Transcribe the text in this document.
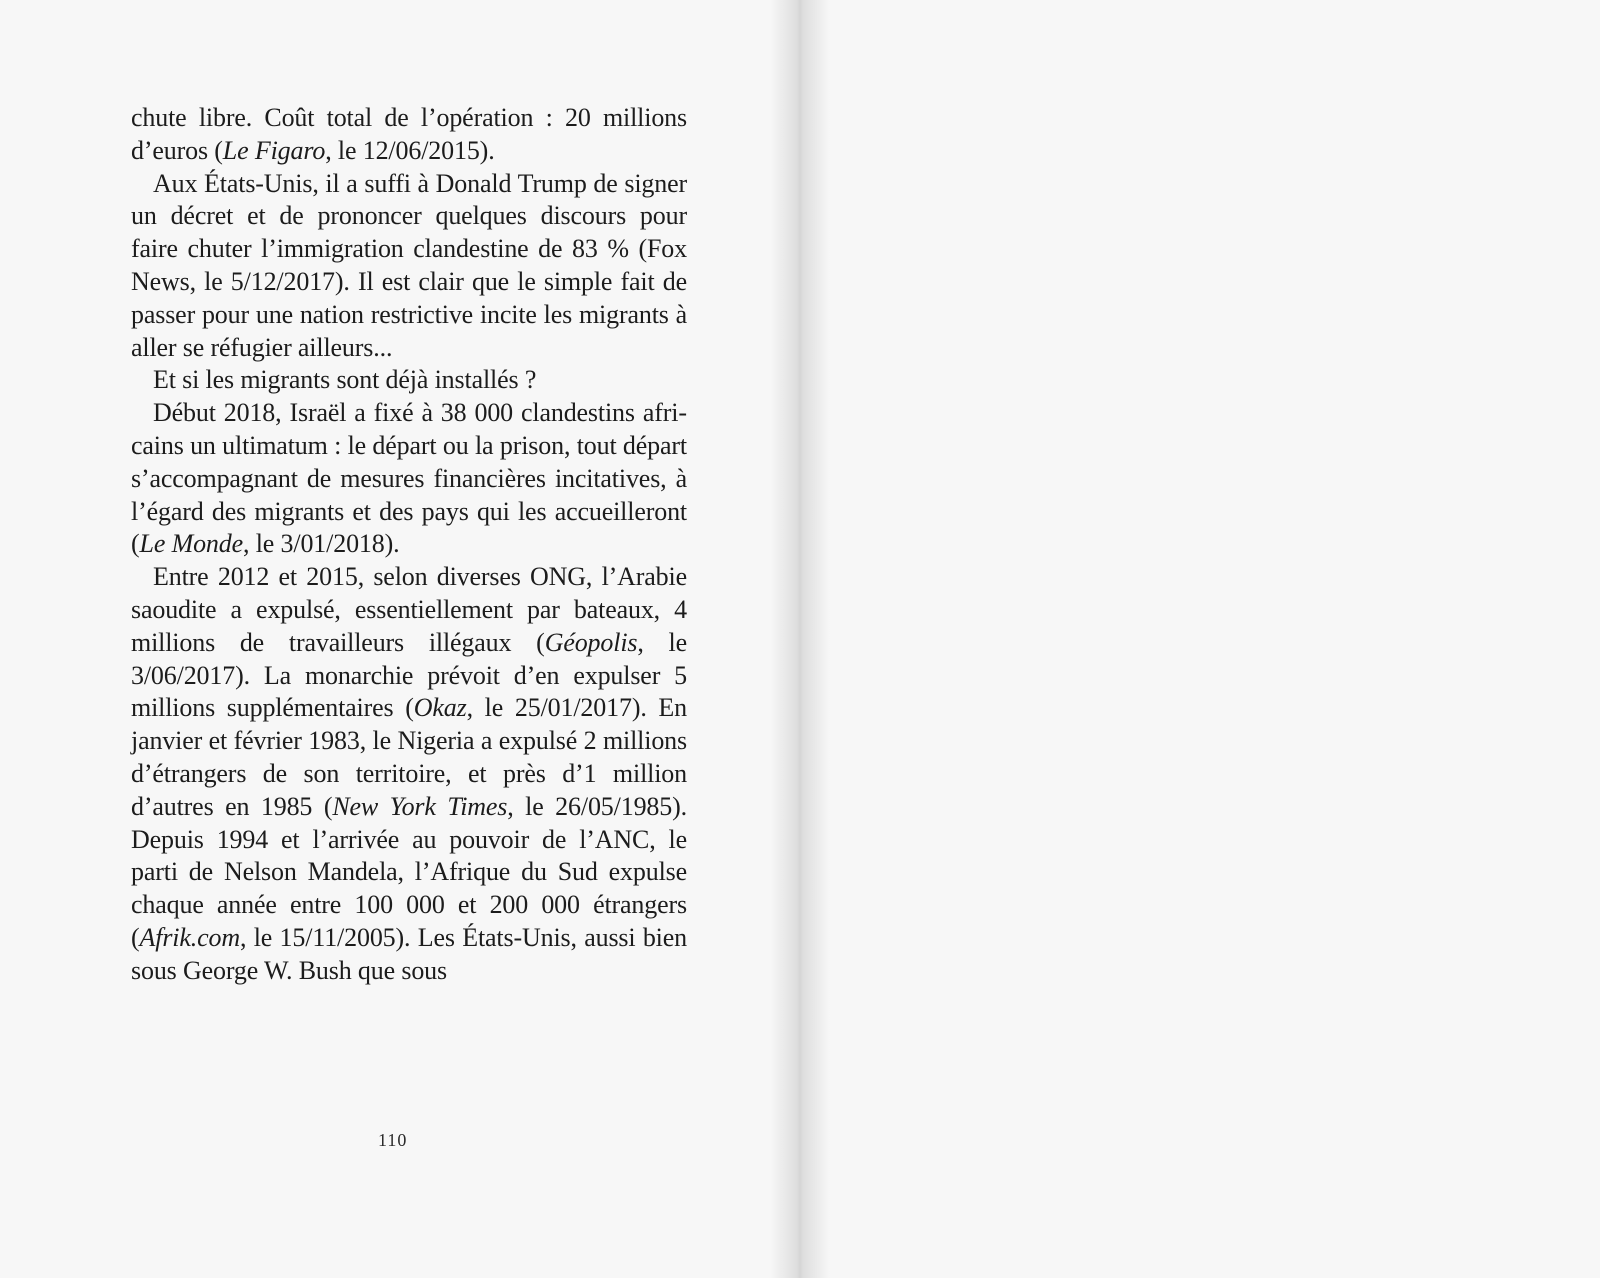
chute libre. Coût total de l’opération : 20 millions d’euros (Le Figaro, le 12/06/2015).

Aux États-Unis, il a suffi à Donald Trump de signer un décret et de prononcer quelques discours pour faire chuter l’immigration clandestine de 83 % (Fox News, le 5/12/2017). Il est clair que le simple fait de passer pour une nation restrictive incite les migrants à aller se réfugier ailleurs...

Et si les migrants sont déjà installés ?

Début 2018, Israël a fixé à 38 000 clandestins africains un ultimatum : le départ ou la prison, tout départ s’accompagnant de mesures financières incitatives, à l’égard des migrants et des pays qui les accueilleront (Le Monde, le 3/01/2018).

Entre 2012 et 2015, selon diverses ONG, l’Arabie saoudite a expulsé, essentiellement par bateaux, 4 millions de travailleurs illégaux (Géopolis, le 3/06/2017). La monarchie prévoit d’en expulser 5 millions supplémentaires (Okaz, le 25/01/2017). En janvier et février 1983, le Nigeria a expulsé 2 millions d’étrangers de son territoire, et près d’1 million d’autres en 1985 (New York Times, le 26/05/1985). Depuis 1994 et l’arrivée au pouvoir de l’ANC, le parti de Nelson Mandela, l’Afrique du Sud expulse chaque année entre 100 000 et 200 000 étrangers (Afrik.com, le 15/11/2005). Les États-Unis, aussi bien sous George W. Bush que sous

110
